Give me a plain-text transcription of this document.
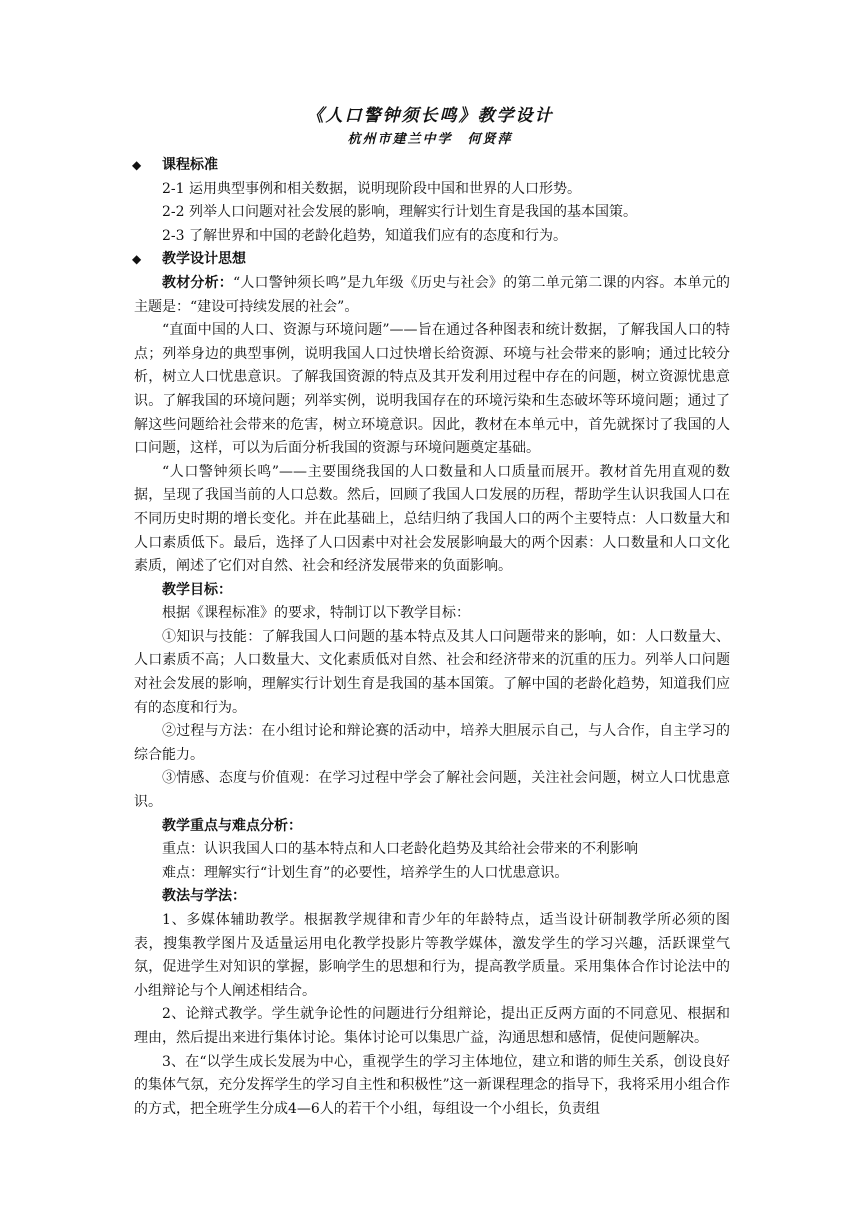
《人口警钟须长鸣》教学设计
杭州市建兰中学　何贤萍

◆	课程标准

2-1 运用典型事例和相关数据，说明现阶段中国和世界的人口形势。

2-2 列举人口问题对社会发展的影响，理解实行计划生育是我国的基本国策。

2-3 了解世界和中国的老龄化趋势，知道我们应有的态度和行为。

◆	教学设计思想

教材分析：“人口警钟须长鸣”是九年级《历史与社会》的第二单元第二课的内容。本单元的主题是：“建设可持续发展的社会”。

“直面中国的人口、资源与环境问题”——旨在通过各种图表和统计数据，了解我国人口的特点；列举身边的典型事例，说明我国人口过快增长给资源、环境与社会带来的影响；通过比较分析，树立人口忧患意识。了解我国资源的特点及其开发利用过程中存在的问题，树立资源忧患意识。了解我国的环境问题；列举实例，说明我国存在的环境污染和生态破坏等环境问题；通过了解这些问题给社会带来的危害，树立环境意识。因此，教材在本单元中，首先就探讨了我国的人口问题，这样，可以为后面分析我国的资源与环境问题奠定基础。

“人口警钟须长鸣”——主要围绕我国的人口数量和人口质量而展开。教材首先用直观的数据，呈现了我国当前的人口总数。然后，回顾了我国人口发展的历程，帮助学生认识我国人口在不同历史时期的增长变化。并在此基础上，总结归纳了我国人口的两个主要特点：人口数量大和人口素质低下。最后，选择了人口因素中对社会发展影响最大的两个因素：人口数量和人口文化素质，阐述了它们对自然、社会和经济发展带来的负面影响。

教学目标：

根据《课程标准》的要求，特制订以下教学目标：

①知识与技能：了解我国人口问题的基本特点及其人口问题带来的影响，如：人口数量大、人口素质不高；人口数量大、文化素质低对自然、社会和经济带来的沉重的压力。列举人口问题对社会发展的影响，理解实行计划生育是我国的基本国策。了解中国的老龄化趋势，知道我们应有的态度和行为。

②过程与方法：在小组讨论和辩论赛的活动中，培养大胆展示自己，与人合作，自主学习的综合能力。

③情感、态度与价值观：在学习过程中学会了解社会问题，关注社会问题，树立人口忧患意识。

教学重点与难点分析：

重点：认识我国人口的基本特点和人口老龄化趋势及其给社会带来的不利影响

难点：理解实行“计划生育”的必要性，培养学生的人口忧患意识。

教法与学法：

1、多媒体辅助教学。根据教学规律和青少年的年龄特点，适当设计研制教学所必须的图表，搜集教学图片及适量运用电化教学投影片等教学媒体，激发学生的学习兴趣，活跃课堂气氛，促进学生对知识的掌握，影响学生的思想和行为，提高教学质量。采用集体合作讨论法中的小组辩论与个人阐述相结合。

2、论辩式教学。学生就争论性的问题进行分组辩论，提出正反两方面的不同意见、根据和理由，然后提出来进行集体讨论。集体讨论可以集思广益，沟通思想和感情，促使问题解决。

3、在“以学生成长发展为中心，重视学生的学习主体地位，建立和谐的师生关系，创设良好的集体气氛，充分发挥学生的学习自主性和积极性”这一新课程理念的指导下，我将采用小组合作的方式，把全班学生分成4—6人的若干个小组，每组设一个小组长，负责组
